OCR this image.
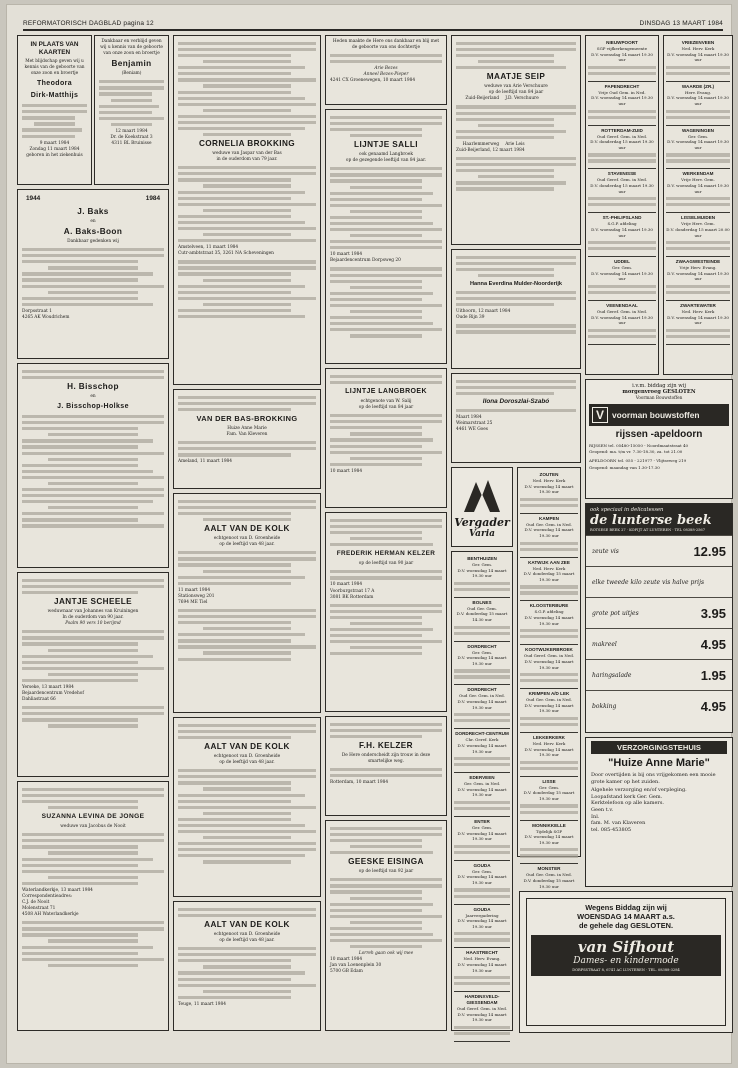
REFORMATORISCH DAGBLAD pagina 12	DINSDAG 13 MAART 1984
IN PLAATS VAN KAARTEN
Met blijdschap geven wij u kennis van de geboorte van onze zoon en broertje
Theodora
Dirk-Matthijs
9 maart 1984
Zondag 11 maart 1984 geboren in het ziekenhuis
Dankbaar en verblijd geven wij u kennis van de geboorte van onze zoon en broertje
Benjamin
(Beniam)
12 maart 1984
Dr. de Koekstraat 3
4311 BL Bruinisse
1944	1984
J. Baks
en
A. Baks-Boon
Dankbaar gedenken wij
Dorpsstraat 1
4265 AK Woudrichem
H. Bisschop
en
J. Bisschop-Holkse
JANTJE SCHEELE
weduwnaar van Johannes van Kruiningen
In de ouderdom van 90 jaar.
Psalm 90 vers 10 berijmd
Yerseke, 13 maart 1984
Bejaardencentrum Vredehof
Dahliastraat 66
SUZANNA LEVINA DE JONGE
weduwe van Jacobus de Nooit
Waterlandkerkje, 13 maart 1984
Correspondentieadres:
C.J. de Nooit
Molenstraat 71
4508 AH Waterlandkerkje
CORNELIA BROKKING
weduwe van Jaspar van der Bas
in de ouderdom van 79 jaar.
Amstelveen, 11 maart 1984
Cutr-ambtstraat 35, 3261 NA Scheveningen
VAN DER BAS-BROKKING
Huize Anne Marie
Fam. Van Kleveren
Ameland, 11 maart 1984
AALT VAN DE KOLK
echtgenoot van D. Groenheide
op de leeftijd van 48 jaar.
11 maart 1984
Stationsweg 201
7694 ME Tiel
AALT VAN DE KOLK
echtgenoot van D. Groenheide
op de leeftijd van 48 jaar.
AALT VAN DE KOLK
echtgenoot van D. Groenheide
op de leeftijd van 48 jaar.
Teuge, 11 maart 1984
Heden maakte de Here ons dankbaar en blij met de geboorte van ons dochtertje
Arie Bezes
Anneel Bezes-Pieper
4241 CX Groenewegen, 10 maart 1984
LIJNTJE SALLI
ook genaamd Langbroek
op de gezegende leeftijd van 84 jaar.
10 maart 1984
Bejaardencentrum Dorpsweg 20
LIJNTJE LANGBROEK
echtgenote van W. Salij
op de leeftijd van 84 jaar
10 maart 1984
FREDERIK HERMAN KELZER
op de leeftijd van 90 jaar
10 maart 1984
Voorburgstraat 17 A
3081 BK Rotterdam
F.H. KELZER
De Here onderscheidt zijn trouw in deze smartelijke weg.
Rotterdam, 10 maart 1984
GEESKE EISINGA
op de leeftijd van 92 jaar
Lorreh gaan ook wij mee
10 maart 1984
Jan van Loenenplein 30
5700 GB Edam
MAATJE SEIP
weduwe van Arie Verschuure
op de leeftijd van 84 jaar
Zuid-Beijerland J.D. Verschuure
Haarlemmerweg Arie Leis
Zuid-Beijerland, 12 maart 1984
Hanna Everdina Mulder-Noorderijk
Uithoorn, 12 maart 1984
Oude Rijn 39
Ilona Doroszlai-Szabó
Maart 1984
Weimarstraat 25
4461 WE Goes
Vergader
Varia
BENTHUIZEN
Ger. Gem.
D.V. woensdag 14 maart 19.30 uur
BOLNES
Oud Ger. Gem.
D.V. donderdag 15 maart 14.30 uur
DORDRECHT
Ger. Gem.
D.V. woensdag 14 maart 19.30 uur
DORDRECHT
Oud Ger. Gem. in Ned.
D.V. woensdag 14 maart 19.30 uur
DORDRECHT-CENTRUM
Chr. Geref. Kerk
D.V. woensdag 14 maart 19.30 uur
EDERVEEN
Ger. Gem. in Ned.
D.V. woensdag 14 maart 19.30 uur
ENTER
Ger. Gem.
D.V. woensdag 14 maart 19.30 uur
GOUDA
Ger. Gem.
D.V. woensdag 14 maart 19.30 uur
GOUDA
Jaarvergadering
D.V. woensdag 14 maart 19.30 uur
HAASTRECHT
Ned. Herv. Evang.
D.V. woensdag 14 maart 19.30 uur
HARDINXVELD-GIESSENDAM
Oud Geref. Gem. in Ned.
D.V. woensdag 14 maart 19.30 uur
ZOUTEN
Ned. Herv. Kerk
D.V. woensdag 14 maart 19.30 uur
KAMPEN
Oud Ger. Gem. in Ned.
D.V. woensdag 14 maart 19.30 uur
KATWIJK AAN ZEE
Ned. Herv. Kerk
D.V. donderdag 15 maart 19.30 uur
KLOOSTERBURE
S.G.P. afdeling
D.V. woensdag 14 maart 19.30 uur
KOOTWIJKERBROEK
Oud Geref. Gem. in Ned.
D.V. woensdag 14 maart 19.30 uur
KRIMPEN A/D LEK
Oud Ger. Gem. in Ned.
D.V. woensdag 14 maart 19.30 uur
LEKKERKERK
Ned. Herv. Kerk
D.V. woensdag 14 maart 19.30 uur
LISSE
Ger. Gem.
D.V. donderdag 15 maart 19.30 uur
MONNIKKELLE
Tijdelijk SGP
D.V. woensdag 14 maart 19.30 uur
MONSTER
Oud Ger. Gem. in Ned.
D.V. donderdag 15 maart 19.30 uur
NIEUWPOORT
SGP vijfkerkengemeente
D.V. woensdag 14 maart 19.30 uur
PAPENDRECHT
Vrije Oud Gem. in Ned.
D.V. woensdag 14 maart 19.30 uur
ROTTERDAM-ZUID
Oud Geref. Gem. in Ned.
D.V. donderdag 15 maart 19.30 uur
STAVENISSE
Oud Geref. Gem. in Ned.
D.V. donderdag 15 maart 19.30 uur
ST.-PHILIPSLAND
S.G.P. afdeling
D.V. woensdag 14 maart 19.30 uur
UDDEL
Ger. Gem.
D.V. woensdag 14 maart 19.30 uur
VEENENDAAL
Oud Geref. Gem. in Ned.
D.V. woensdag 14 maart 19.30 uur
VRIEZENVEEN
Ned. Herv. Kerk
D.V. woensdag 14 maart 19.30 uur
WAARDE (ZR.)
Herv. Evang.
D.V. woensdag 14 maart 19.30 uur
WAGENINGEN
Ger. Gem.
D.V. woensdag 14 maart 19.30 uur
WERKENDAM
Vrije Herv. Gem.
D.V. woensdag 14 maart 19.30 uur
LISSELMUIDEN
Vrije Herv. Gem.
D.V. donderdag 15 maart 20.00 uur
ZWAAGWESTEINDE
Vrije Herv. Evang.
D.V. woensdag 14 maart 19.30 uur
ZWARTEWATER
Ned. Herv. Kerk
D.V. woensdag 14 maart 19.30 uur
i.v.m. biddag zijn wij
morgenvroeg GESLOTEN
Voorman Bouwstoffen
V voorman bouwstoffen
rijssen -apeldoorn
RIJSSEN tel. 05480-15050 - Noordmaatstraat 40
Geopend: ma. t/m vr. 7.30-18.30, za. tot 21.00
APELDOORN tel. 055 - 221977 - Vlijtseweg 219
Geopend: maandag van 1.30-17.30
ook speciaal in delicatessen
de lunterse beek
ROTSESE BEEK 27 · KOPIJT AT LUNTEREN · TEL 08388-2567
zeute vis	12.95
elke tweede kilo zeute vis halve prijs
grote pot uitjes	3.95
makreel	4.95
haringsalade	1.95
bokking	4.95
VERZORGINGSTEHUIS
"Huize Anne Marie"
Door overtijden is bij ons vrijgekomen een mooie grote kamer op het zuiden.
Algehele verzorging en/of verpleging.
Loopafstand kerk Ger. Gem.
Kerktelefoon op alle kamers.
Geen t.v.
Inl.
fam. M. van Klaveren
tel. 085-453805
Wegens Biddag zijn wij
WOENSDAG 14 MAART a.s.
de gehele dag GESLOTEN.
van Sifhout
Dames- en kindermode
DORPSSTRAAT 8, 6741 AC LUNTEREN · TEL. 08388-3284
